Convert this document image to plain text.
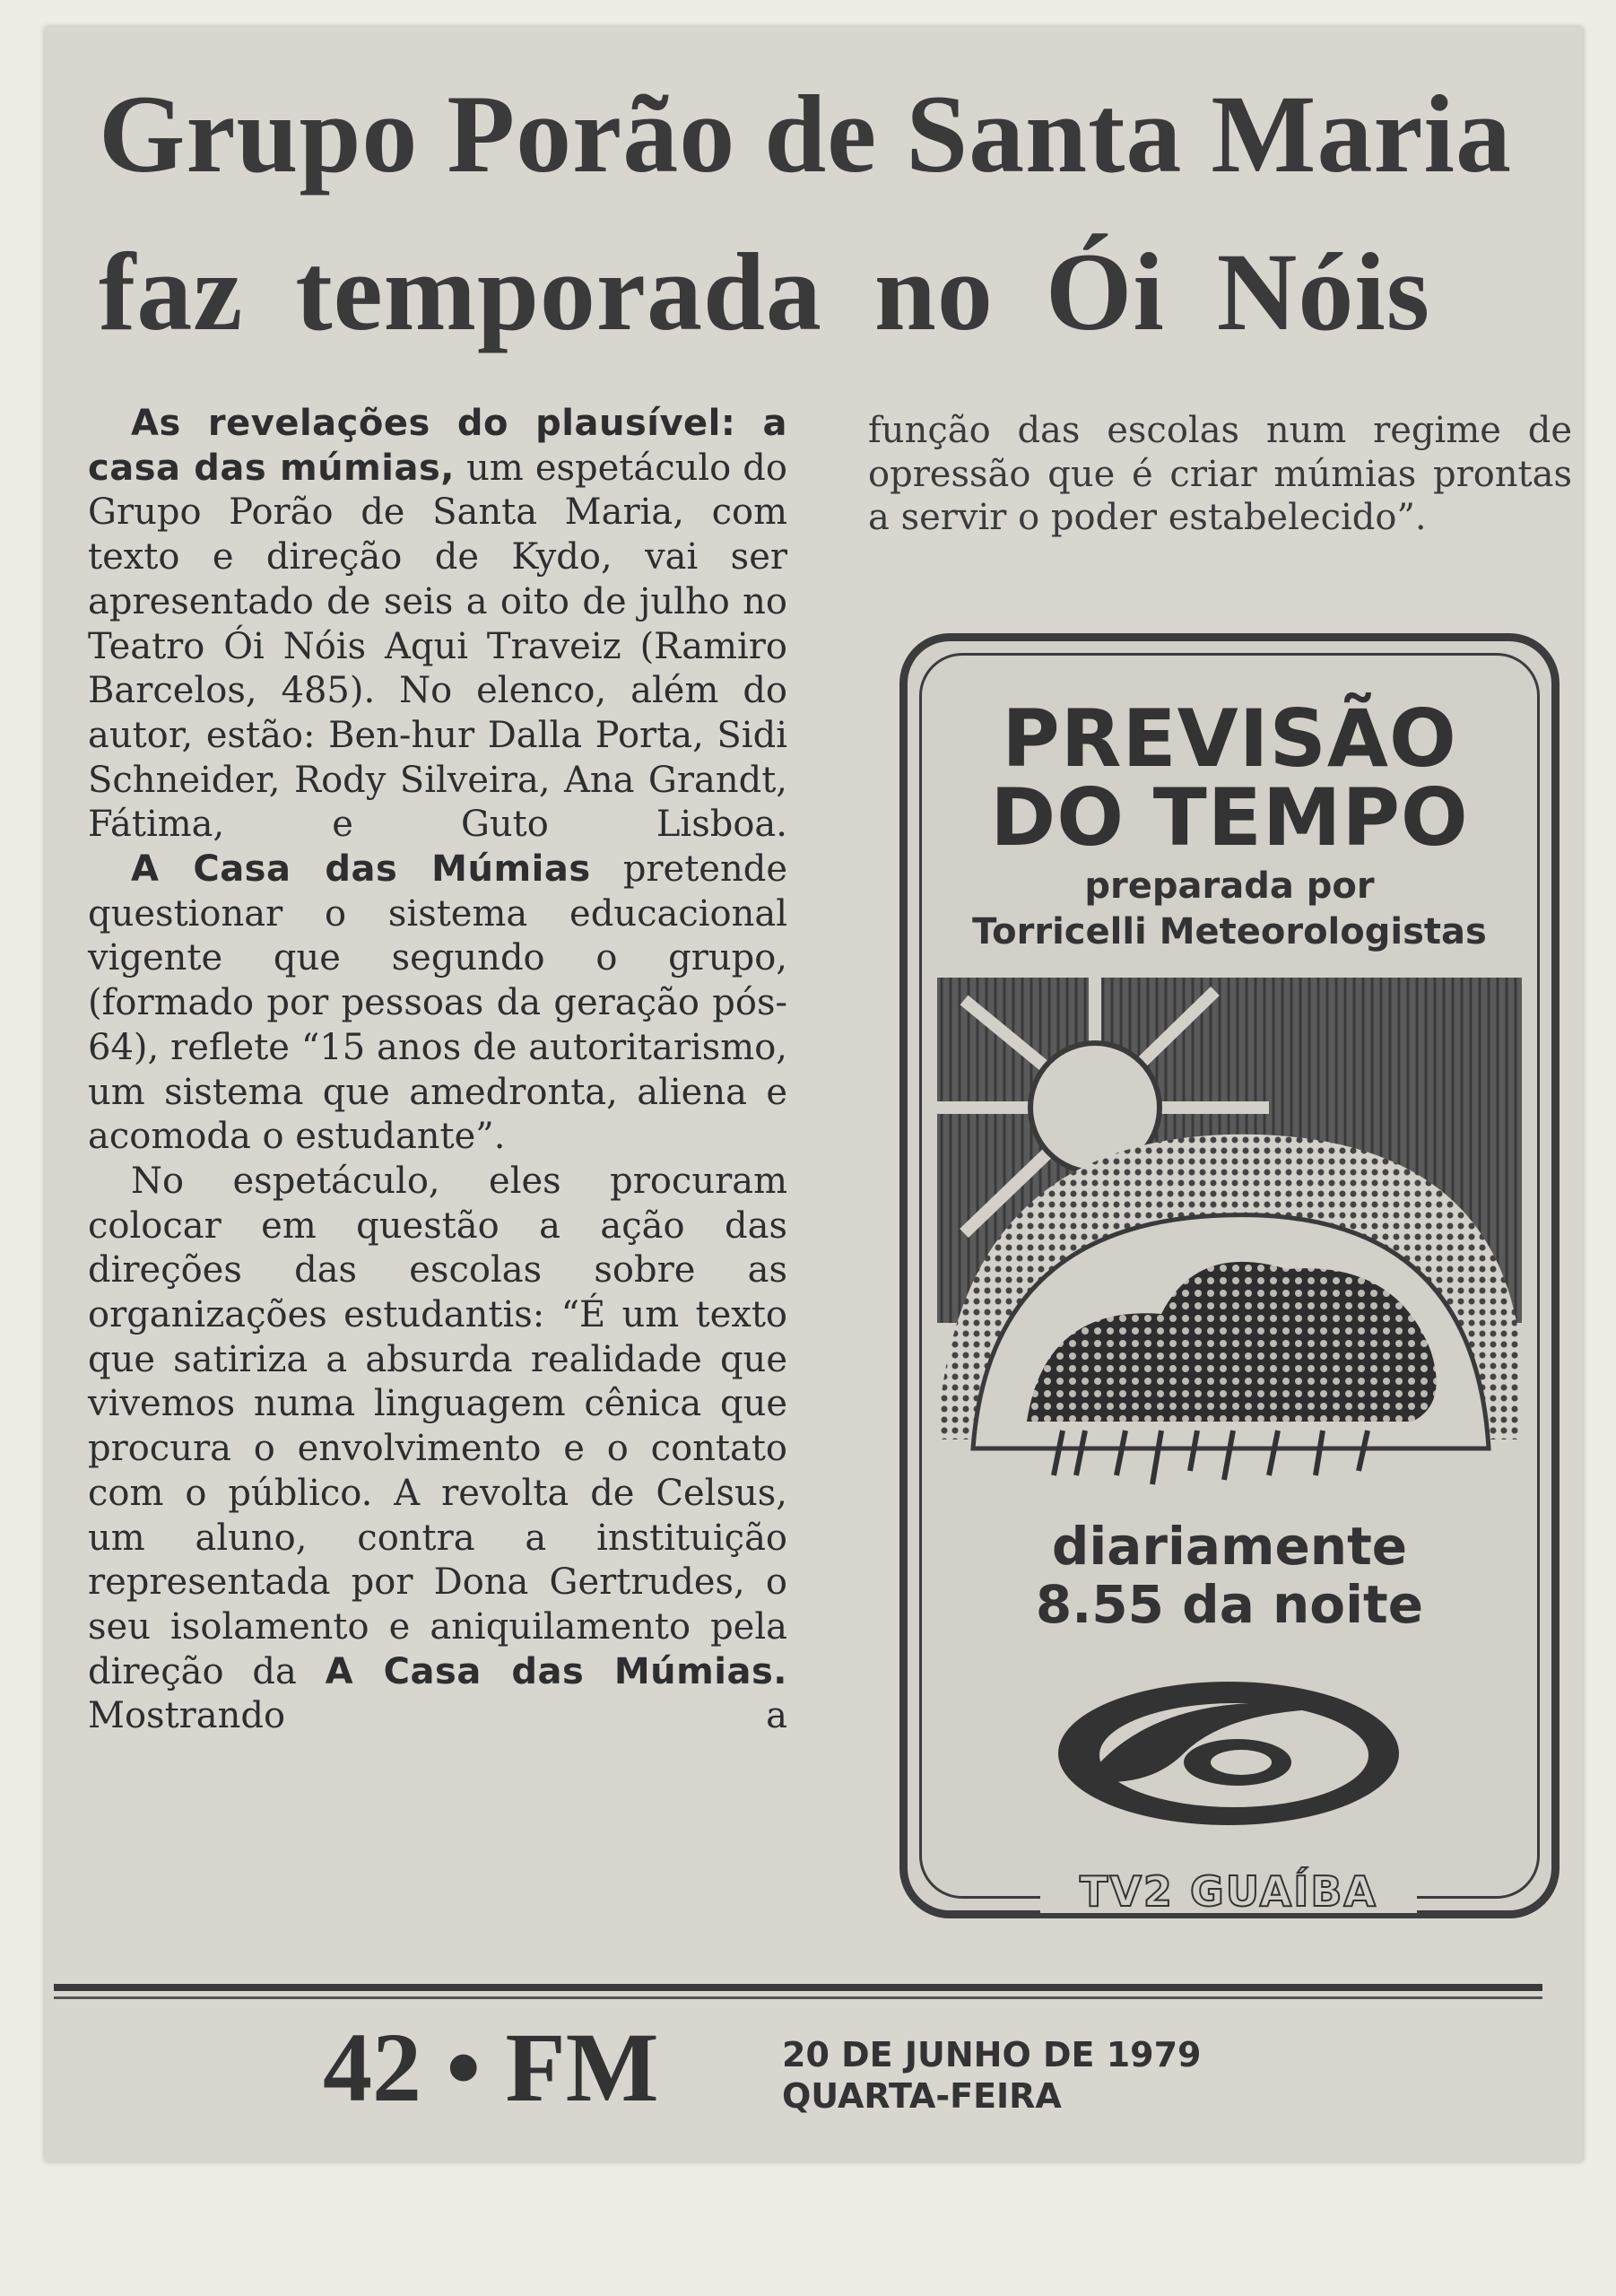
Grupo Porão de Santa Maria
faz temporada no Ói Nóis

As revelações do plausível: a casa das múmias, um espetáculo do Grupo Porão de Santa Maria, com texto e direção de Kydo, vai ser apresentado de seis a oito de julho no Teatro Ói Nóis Aqui Traveiz (Ramiro Barcelos, 485). No elenco, além do autor, estão: Ben-hur Dalla Porta, Sidi Schneider, Rody Silveira, Ana Grandt, Fátima, e Guto Lisboa.

A Casa das Múmias pretende questionar o sistema educacional vigente que segundo o grupo, (formado por pessoas da geração pós-64), reflete “15 anos de autoritarismo, um sistema que amedronta, aliena e acomoda o estudante”.

No espetáculo, eles procuram colocar em questão a ação das direções das escolas sobre as organizações estudantis: “É um texto que satiriza a absurda realidade que vivemos numa linguagem cênica que procura o envolvimento e o contato com o público. A revolta de Celsus, um aluno, contra a instituição representada por Dona Gertrudes, o seu isolamento e aniquilamento pela direção da A Casa das Múmias. Mostrando a

função das escolas num regime de opressão que é criar múmias prontas a servir o poder estabelecido”.

PREVISÃO
DO TEMPO
preparada por
Torricelli Meteorologistas
diariamente
8.55 da noite
TV2 GUAÍBA
42 • FM	20 DE JUNHO DE 1979
QUARTA-FEIRA
